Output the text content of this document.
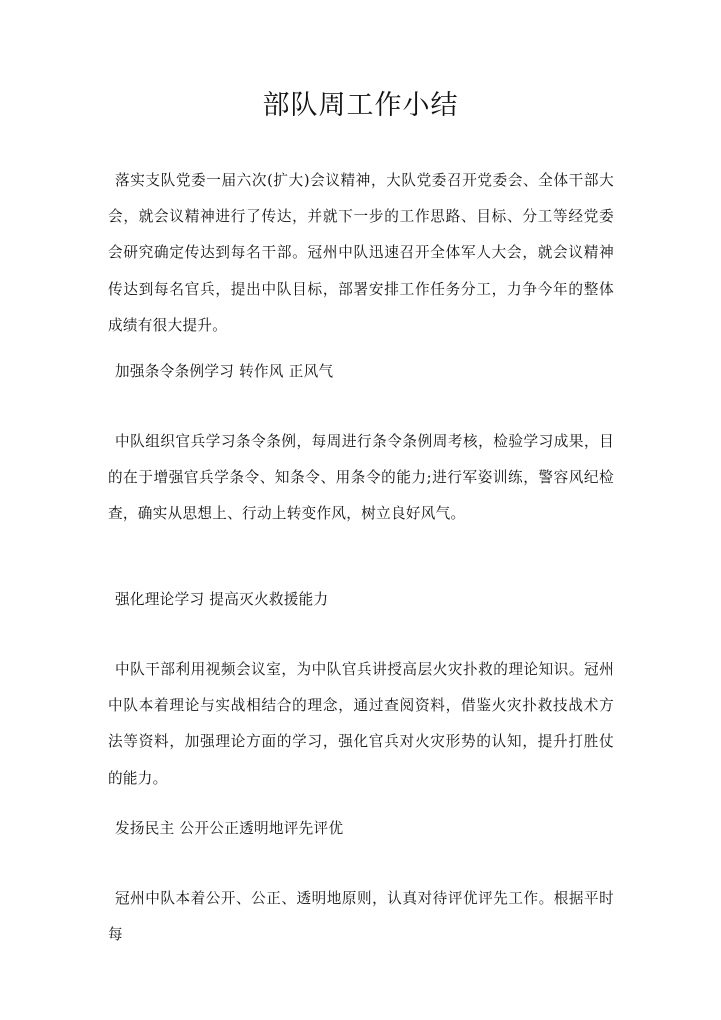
部队周工作小结

落实支队党委一届六次(扩大)会议精神，大队党委召开党委会、全体干部大会，就会议精神进行了传达，并就下一步的工作思路、目标、分工等经党委会研究确定传达到每名干部。冠州中队迅速召开全体军人大会，就会议精神传达到每名官兵，提出中队目标，部署安排工作任务分工，力争今年的整体成绩有很大提升。

加强条令条例学习 转作风 正风气

中队组织官兵学习条令条例，每周进行条令条例周考核，检验学习成果，目的在于增强官兵学条令、知条令、用条令的能力;进行军姿训练，警容风纪检查，确实从思想上、行动上转变作风，树立良好风气。

强化理论学习 提高灭火救援能力

中队干部利用视频会议室，为中队官兵讲授高层火灾扑救的理论知识。冠州中队本着理论与实战相结合的理念，通过查阅资料，借鉴火灾扑救技战术方法等资料，加强理论方面的学习，强化官兵对火灾形势的认知，提升打胜仗的能力。

发扬民主 公开公正透明地评先评优

冠州中队本着公开、公正、透明地原则，认真对待评优评先工作。根据平时每
